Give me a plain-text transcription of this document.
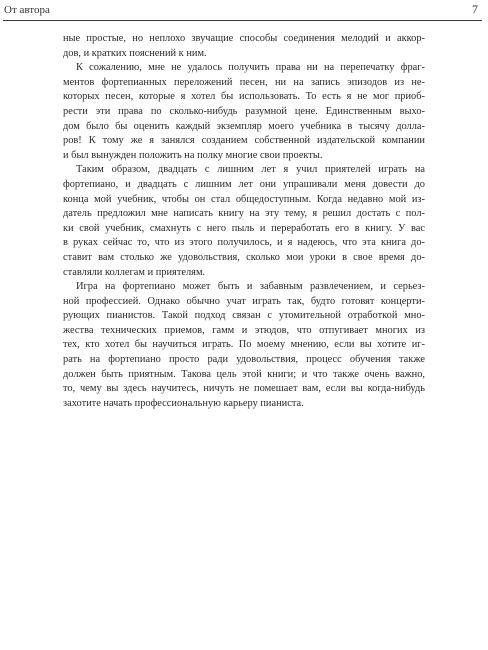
От автора	7
ные простые, но неплохо звучащие способы соединения мелодий и аккор-
дов, и кратких пояснений к ним.
К сожалению, мне не удалось получить права ни на перепечатку фраг-
ментов фортепианных переложений песен, ни на запись эпизодов из не-
которых песен, которые я хотел бы использовать. То есть я не мог приоб-
рести эти права по сколько-нибудь разумной цене. Единственным выхо-
дом было бы оценить каждый экземпляр моего учебника в тысячу долла-
ров! К тому же я занялся созданием собственной издательской компании
и был вынужден положить на полку многие свои проекты.
Таким образом, двадцать с лишним лет я учил приятелей играть на
фортепиано, и двадцать с лишним лет они упрашивали меня довести до
конца мой учебник, чтобы он стал общедоступным. Когда недавно мой из-
датель предложил мне написать книгу на эту тему, я решил достать с пол-
ки свой учебник, смахнуть с него пыль и переработать его в книгу. У вас
в руках сейчас то, что из этого получилось, и я надеюсь, что эта книга до-
ставит вам столько же удовольствия, сколько мои уроки в свое время до-
ставляли коллегам и приятелям.
Игра на фортепиано может быть и забавным развлечением, и серьез-
ной профессией. Однако обычно учат играть так, будто готовят концерти-
рующих пианистов. Такой подход связан с утомительной отработкой мно-
жества технических приемов, гамм и этюдов, что отпугивает многих из
тех, кто хотел бы научиться играть. По моему мнению, если вы хотите иг-
рать на фортепиано просто ради удовольствия, процесс обучения также
должен быть приятным. Такова цель этой книги; и что также очень важно,
то, чему вы здесь научитесь, ничуть не помешает вам, если вы когда-нибудь
захотите начать профессиональную карьеру пианиста.
